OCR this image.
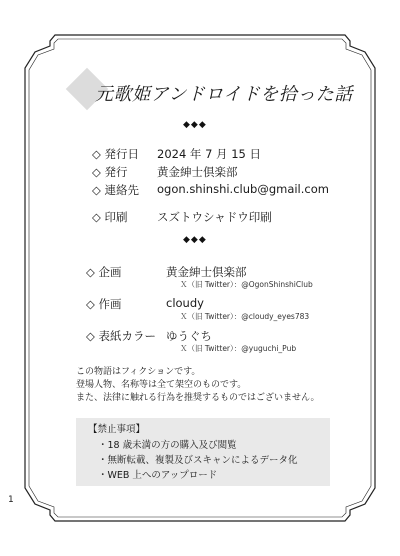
元歌姫アンドロイドを拾った話
◆◆◆
◇ 発行日 2024 年 7 月 15 日
◇ 発行	黄金紳士倶楽部
◇ 連絡先 ogon.shinshi.club@gmail.com
◇ 印刷	スズトウシャドウ印刷
◆◆◆
◇ 企画	黄金紳士倶楽部
Ｘ（旧 Twitter）：@OgonShinshiClub
◇ 作画	cloudy
Ｘ（旧 Twitter）：@cloudy_eyes783
◇ 表紙カラー ゆうぐち
Ｘ（旧 Twitter）：@yuguchi_Pub
この物語はフィクションです。
登場人物、名称等は全て架空のものです。
また、法律に触れる行為を推奨するものではございません。
【禁止事項】
・18 歳未満の方の購入及び閲覧
・無断転載、複製及びスキャンによるデータ化
・WEB 上へのアップロード
1
